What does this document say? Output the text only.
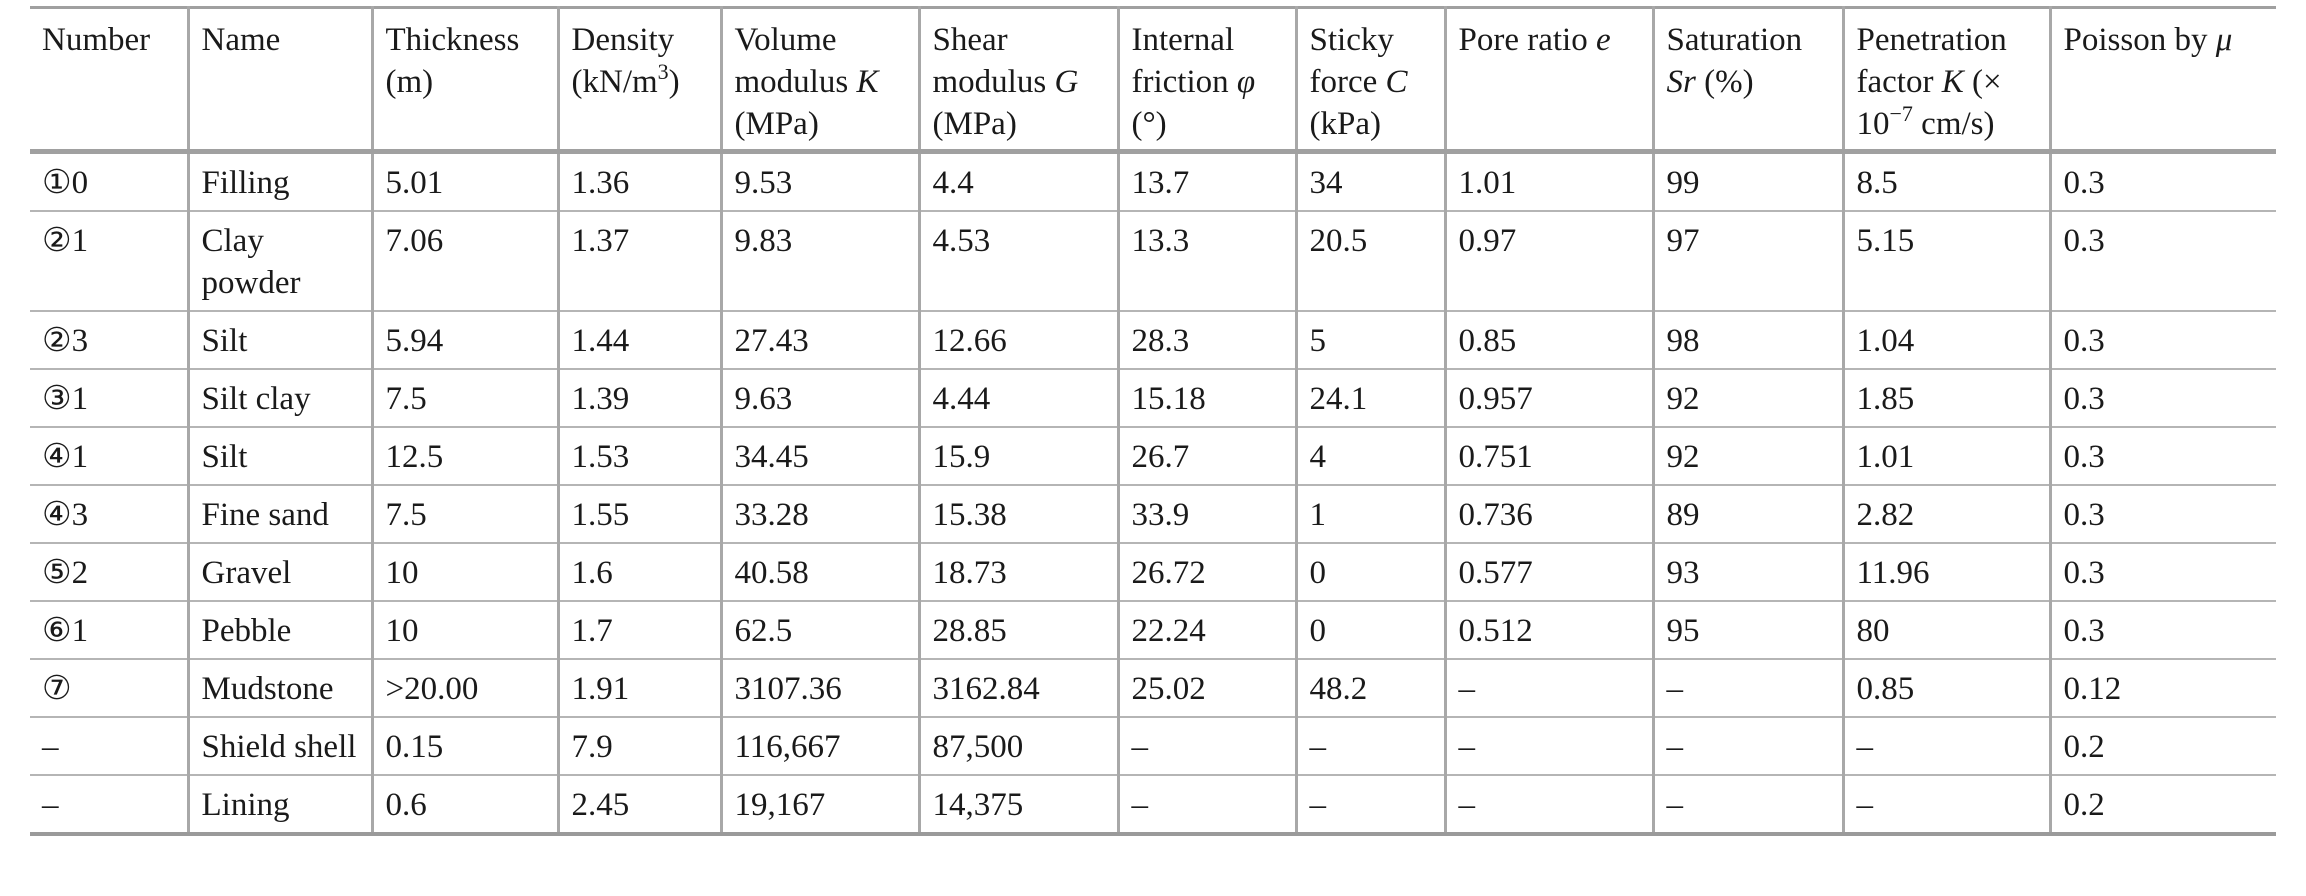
Number	Name	Thickness (m)	Density $(kN/m^3)$	Volume modulus K (MPa)	Shear modulus G (MPa)	Internal friction φ (°)	Sticky force C (kPa)	Pore ratio e	Saturation Sr (%)	Penetration factor K (× $10^{-7}$ cm/s)	Poisson by μ
①0	Filling	5.01	1.36	9.53	4.4	13.7	34	1.01	99	8.5	0.3
②1	Clay powder	7.06	1.37	9.83	4.53	13.3	20.5	0.97	97	5.15	0.3
②3	Silt	5.94	1.44	27.43	12.66	28.3	5	0.85	98	1.04	0.3
③1	Silt clay	7.5	1.39	9.63	4.44	15.18	24.1	0.957	92	1.85	0.3
④1	Silt	12.5	1.53	34.45	15.9	26.7	4	0.751	92	1.01	0.3
④3	Fine sand	7.5	1.55	33.28	15.38	33.9	1	0.736	89	2.82	0.3
⑤2	Gravel	10	1.6	40.58	18.73	26.72	0	0.577	93	11.96	0.3
⑥1	Pebble	10	1.7	62.5	28.85	22.24	0	0.512	95	80	0.3
⑦	Mudstone	>20.00	1.91	3107.36	3162.84	25.02	48.2	–	–	0.85	0.12
–	Shield shell	0.15	7.9	116,667	87,500	–	–	–	–	–	0.2
–	Lining	0.6	2.45	19,167	14,375	–	–	–	–	–	0.2
